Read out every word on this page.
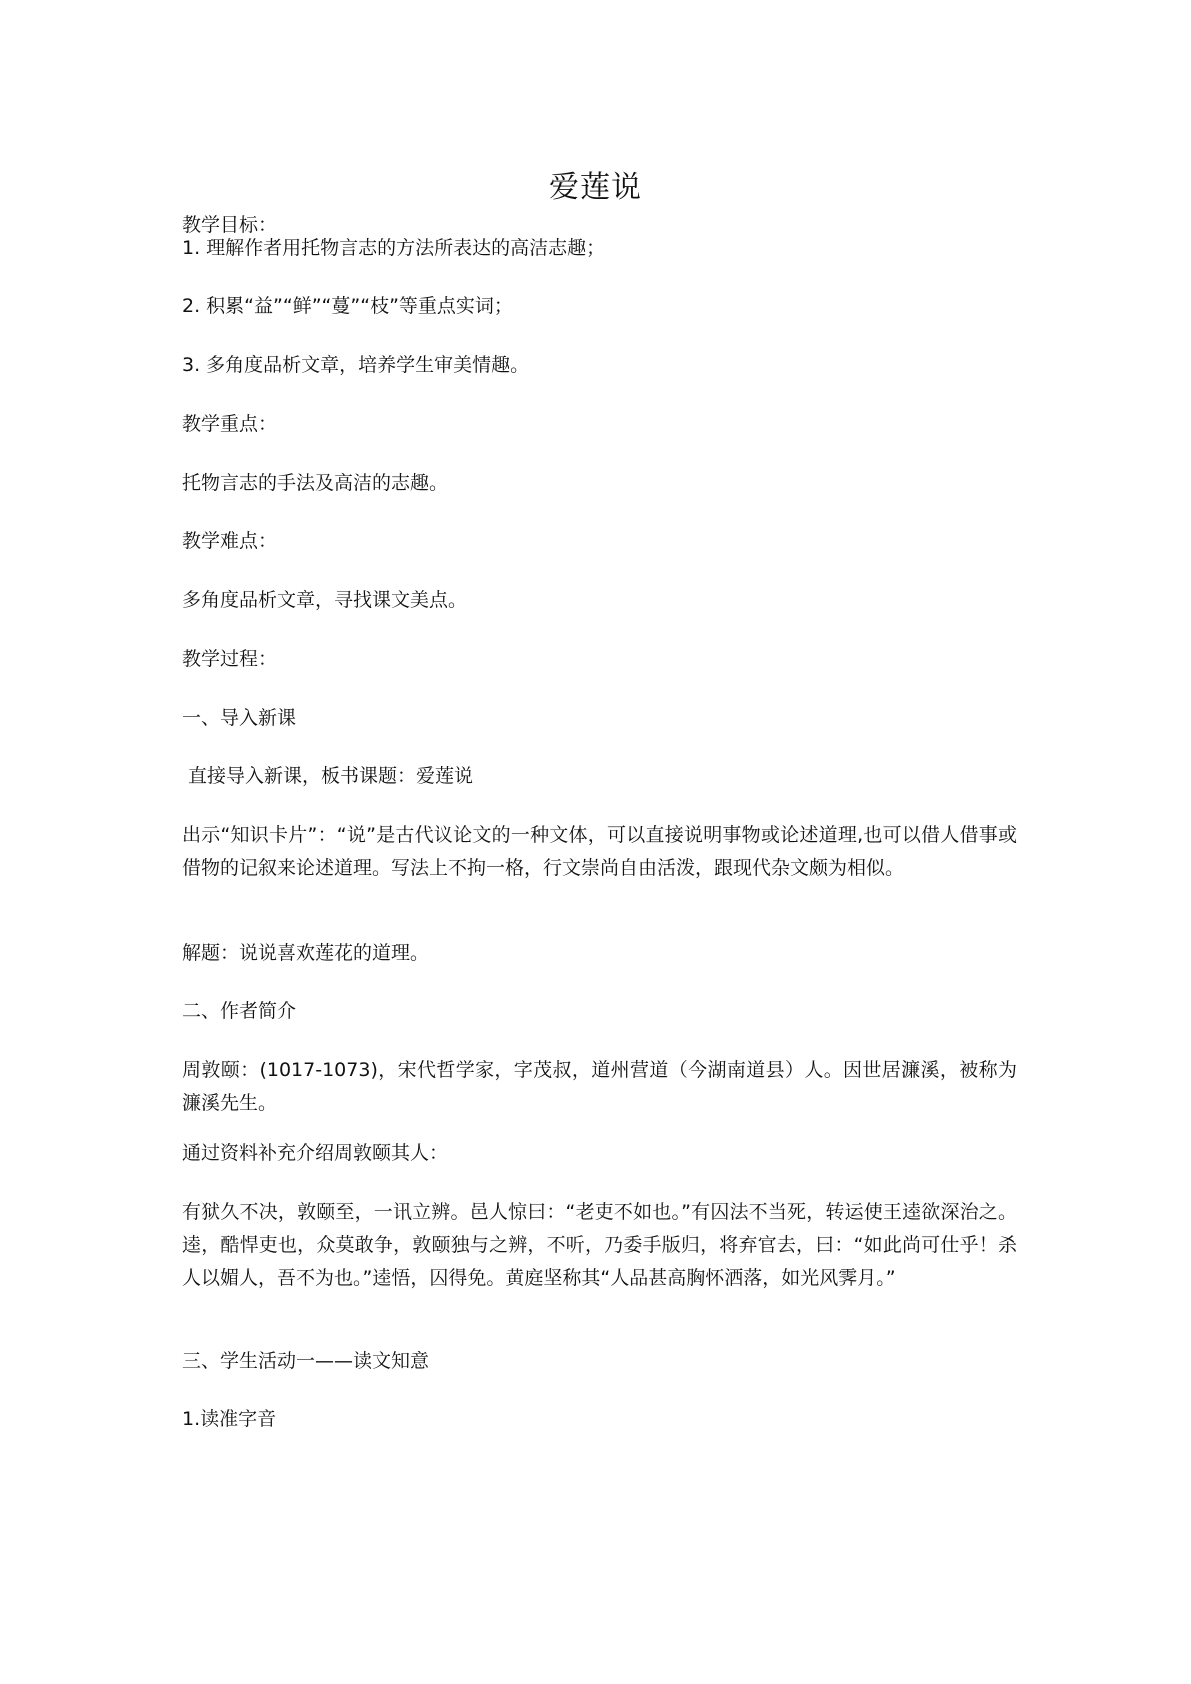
爱莲说
教学目标：
1. 理解作者用托物言志的方法所表达的高洁志趣；
2. 积累“益”“鲜”“蔓”“枝”等重点实词；
3. 多角度品析文章，培养学生审美情趣。
教学重点：
托物言志的手法及高洁的志趣。
教学难点：
多角度品析文章，寻找课文美点。
教学过程：
一、导入新课
直接导入新课，板书课题：爱莲说
出示“知识卡片”：“说”是古代议论文的一种文体，可以直接说明事物或论述道理,也可以借人借事或借物的记叙来论述道理。写法上不拘一格，行文崇尚自由活泼，跟现代杂文颇为相似。
解题：说说喜欢莲花的道理。
二、作者简介
周敦颐：(1017-1073)，宋代哲学家，字茂叔，道州营道（今湖南道县）人。因世居濂溪，被称为濂溪先生。
通过资料补充介绍周敦颐其人：
有狱久不决，敦颐至，一讯立辨。邑人惊曰：“老吏不如也。”有囚法不当死，转运使王逵欲深治之。逵，酷悍吏也，众莫敢争，敦颐独与之辨，不听，乃委手版归，将弃官去，曰：“如此尚可仕乎！杀人以媚人，吾不为也。”逵悟，囚得免。黄庭坚称其“人品甚高胸怀洒落，如光风霁月。”
三、学生活动一——读文知意
1.读准字音
